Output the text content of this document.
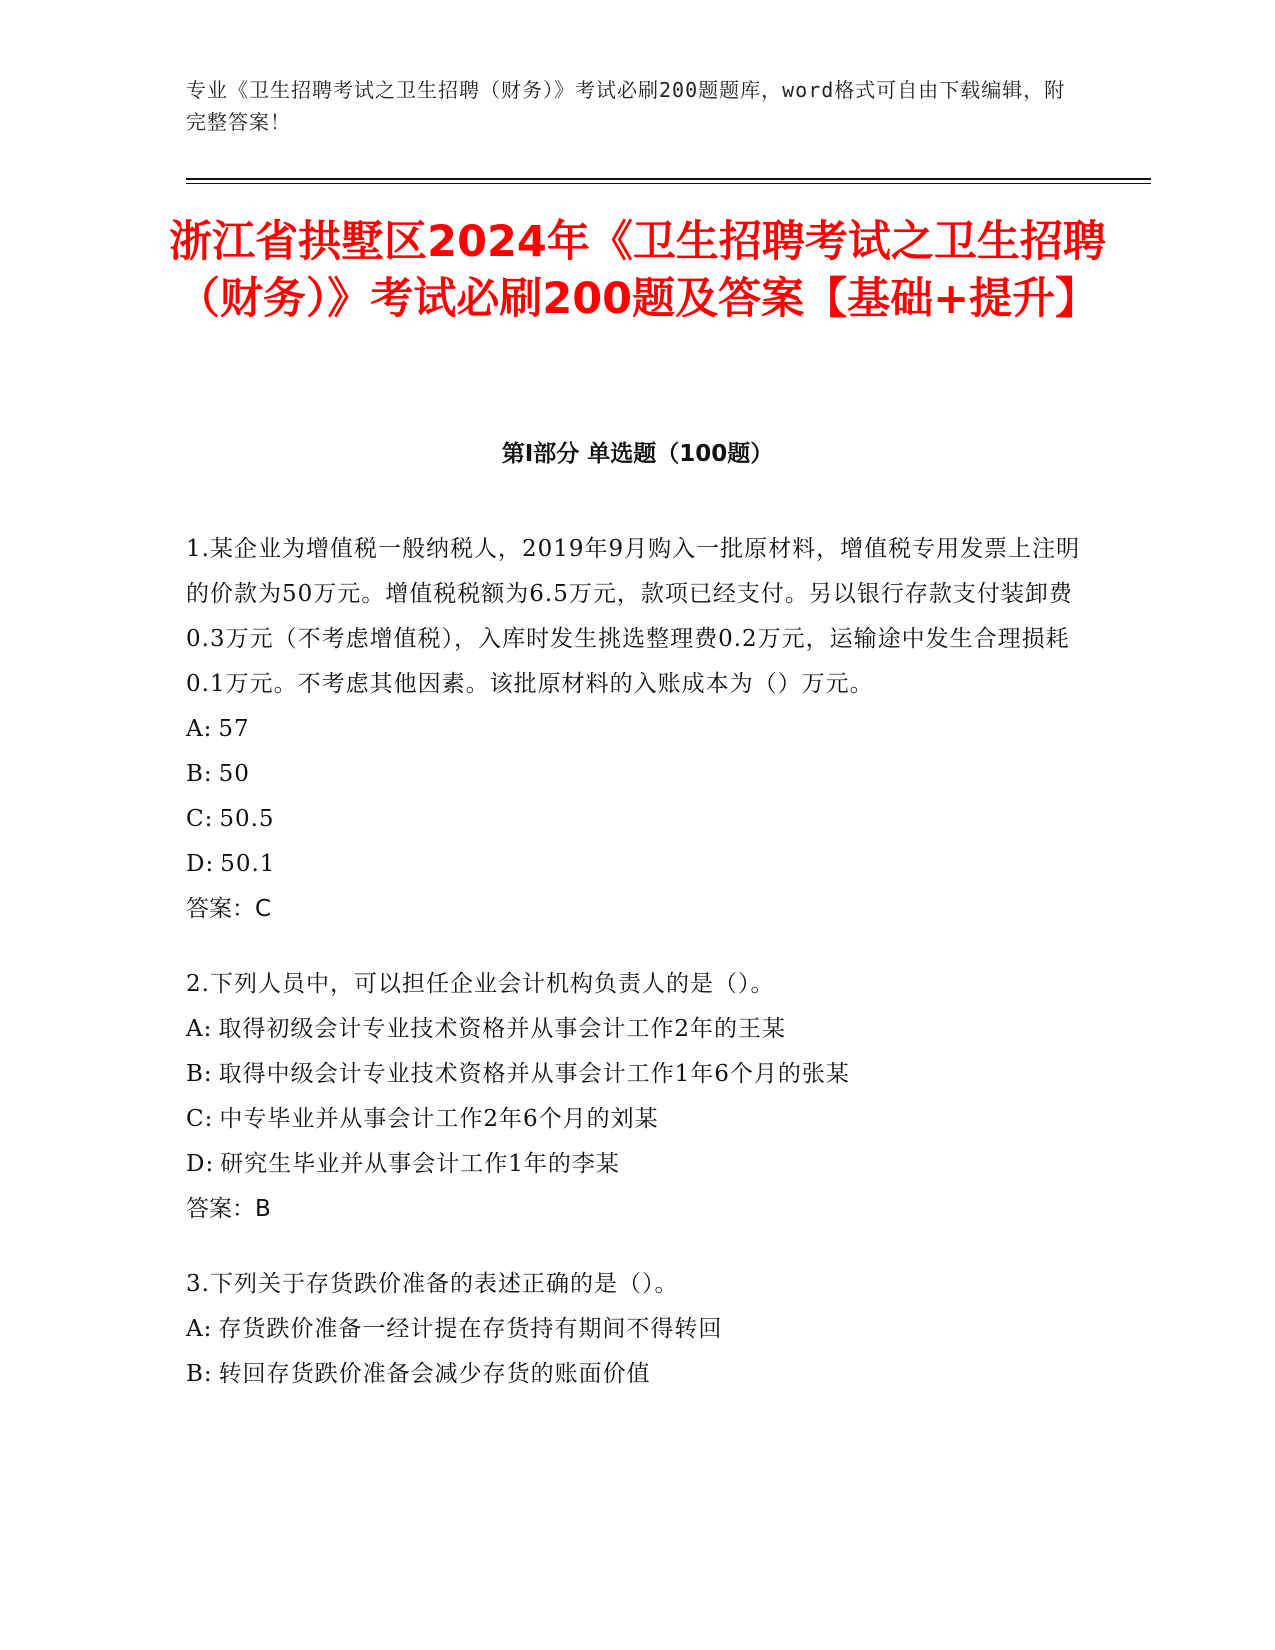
专业《卫生招聘考试之卫生招聘（财务）》考试必刷200题题库，word格式可自由下载编辑，附完整答案！
浙江省拱墅区2024年《卫生招聘考试之卫生招聘（财务）》考试必刷200题及答案【基础+提升】
第Ⅰ部分 单选题（100题）

1.某企业为增值税一般纳税人，2019年9月购入一批原材料，增值税专用发票上注明的价款为50万元。增值税税额为6.5万元，款项已经支付。另以银行存款支付装卸费0.3万元（不考虑增值税），入库时发生挑选整理费0.2万元，运输途中发生合理损耗0.1万元。不考虑其他因素。该批原材料的入账成本为（）万元。

A: 57
B: 50
C: 50.5
D: 50.1
答案：C

2.下列人员中，可以担任企业会计机构负责人的是（）。

A: 取得初级会计专业技术资格并从事会计工作2年的王某
B: 取得中级会计专业技术资格并从事会计工作1年6个月的张某
C: 中专毕业并从事会计工作2年6个月的刘某
D: 研究生毕业并从事会计工作1年的李某
答案：B

3.下列关于存货跌价准备的表述正确的是（）。

A: 存货跌价准备一经计提在存货持有期间不得转回
B: 转回存货跌价准备会减少存货的账面价值
